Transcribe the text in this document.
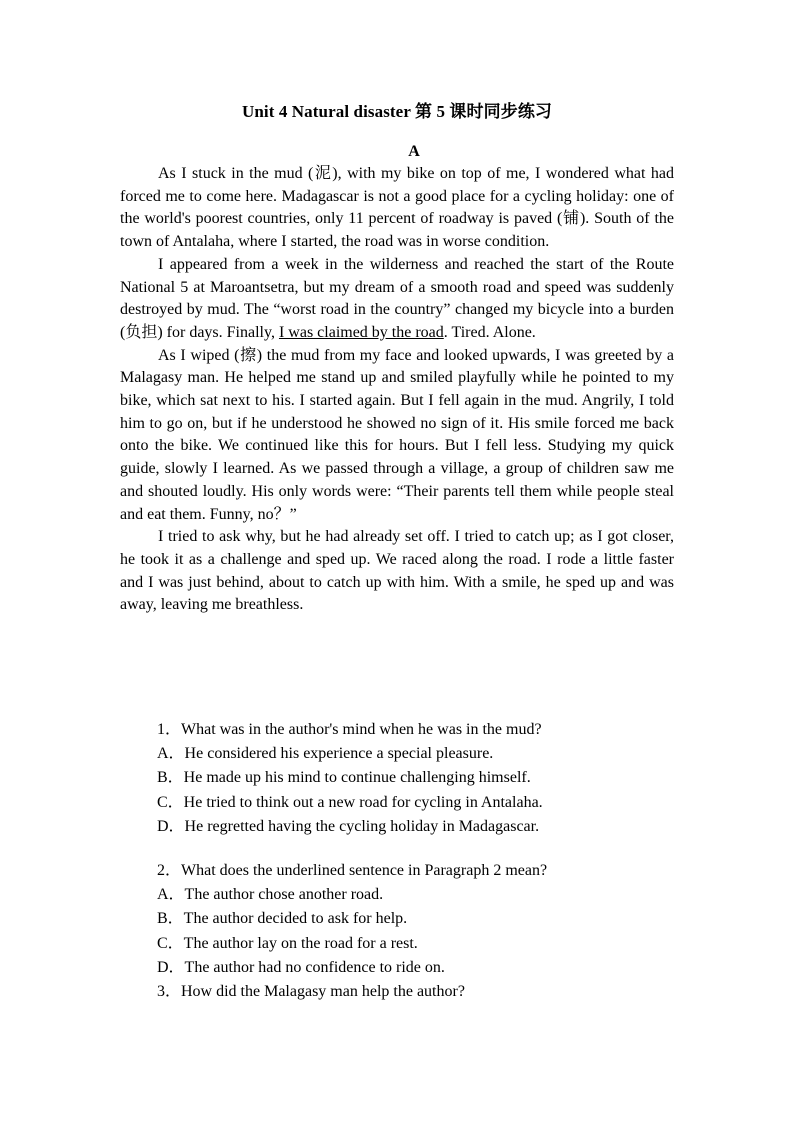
Unit 4 Natural disaster 第 5 课时同步练习
A

As I stuck in the mud (泥), with my bike on top of me, I wondered what had forced me to come here. Madagascar is not a good place for a cycling holiday: one of the world's poorest countries, only 11 percent of roadway is paved (铺). South of the town of Antalaha, where I started, the road was in worse condition.

I appeared from a week in the wilderness and reached the start of the Route National 5 at Maroantsetra, but my dream of a smooth road and speed was suddenly destroyed by mud. The “worst road in the country” changed my bicycle into a burden (负担) for days. Finally, I was claimed by the road. Tired. Alone.

As I wiped (擦) the mud from my face and looked upwards, I was greeted by a Malagasy man. He helped me stand up and smiled playfully while he pointed to my bike, which sat next to his. I started again. But I fell again in the mud. Angrily, I told him to go on, but if he understood he showed no sign of it. His smile forced me back onto the bike. We continued like this for hours. But I fell less. Studying my quick guide, slowly I learned. As we passed through a village, a group of children saw me and shouted loudly. His only words were: “Their parents tell them while people steal and eat them. Funny, no？”

I tried to ask why, but he had already set off. I tried to catch up; as I got closer, he took it as a challenge and sped up. We raced along the road. I rode a little faster and I was just behind, about to catch up with him. With a smile, he sped up and was away, leaving me breathless.

1．What was in the author's mind when he was in the mud?

A．He considered his experience a special pleasure.

B．He made up his mind to continue challenging himself.

C．He tried to think out a new road for cycling in Antalaha.

D．He regretted having the cycling holiday in Madagascar.

2．What does the underlined sentence in Paragraph 2 mean?

A．The author chose another road.

B．The author decided to ask for help.

C．The author lay on the road for a rest.

D．The author had no confidence to ride on.

3．How did the Malagasy man help the author?
